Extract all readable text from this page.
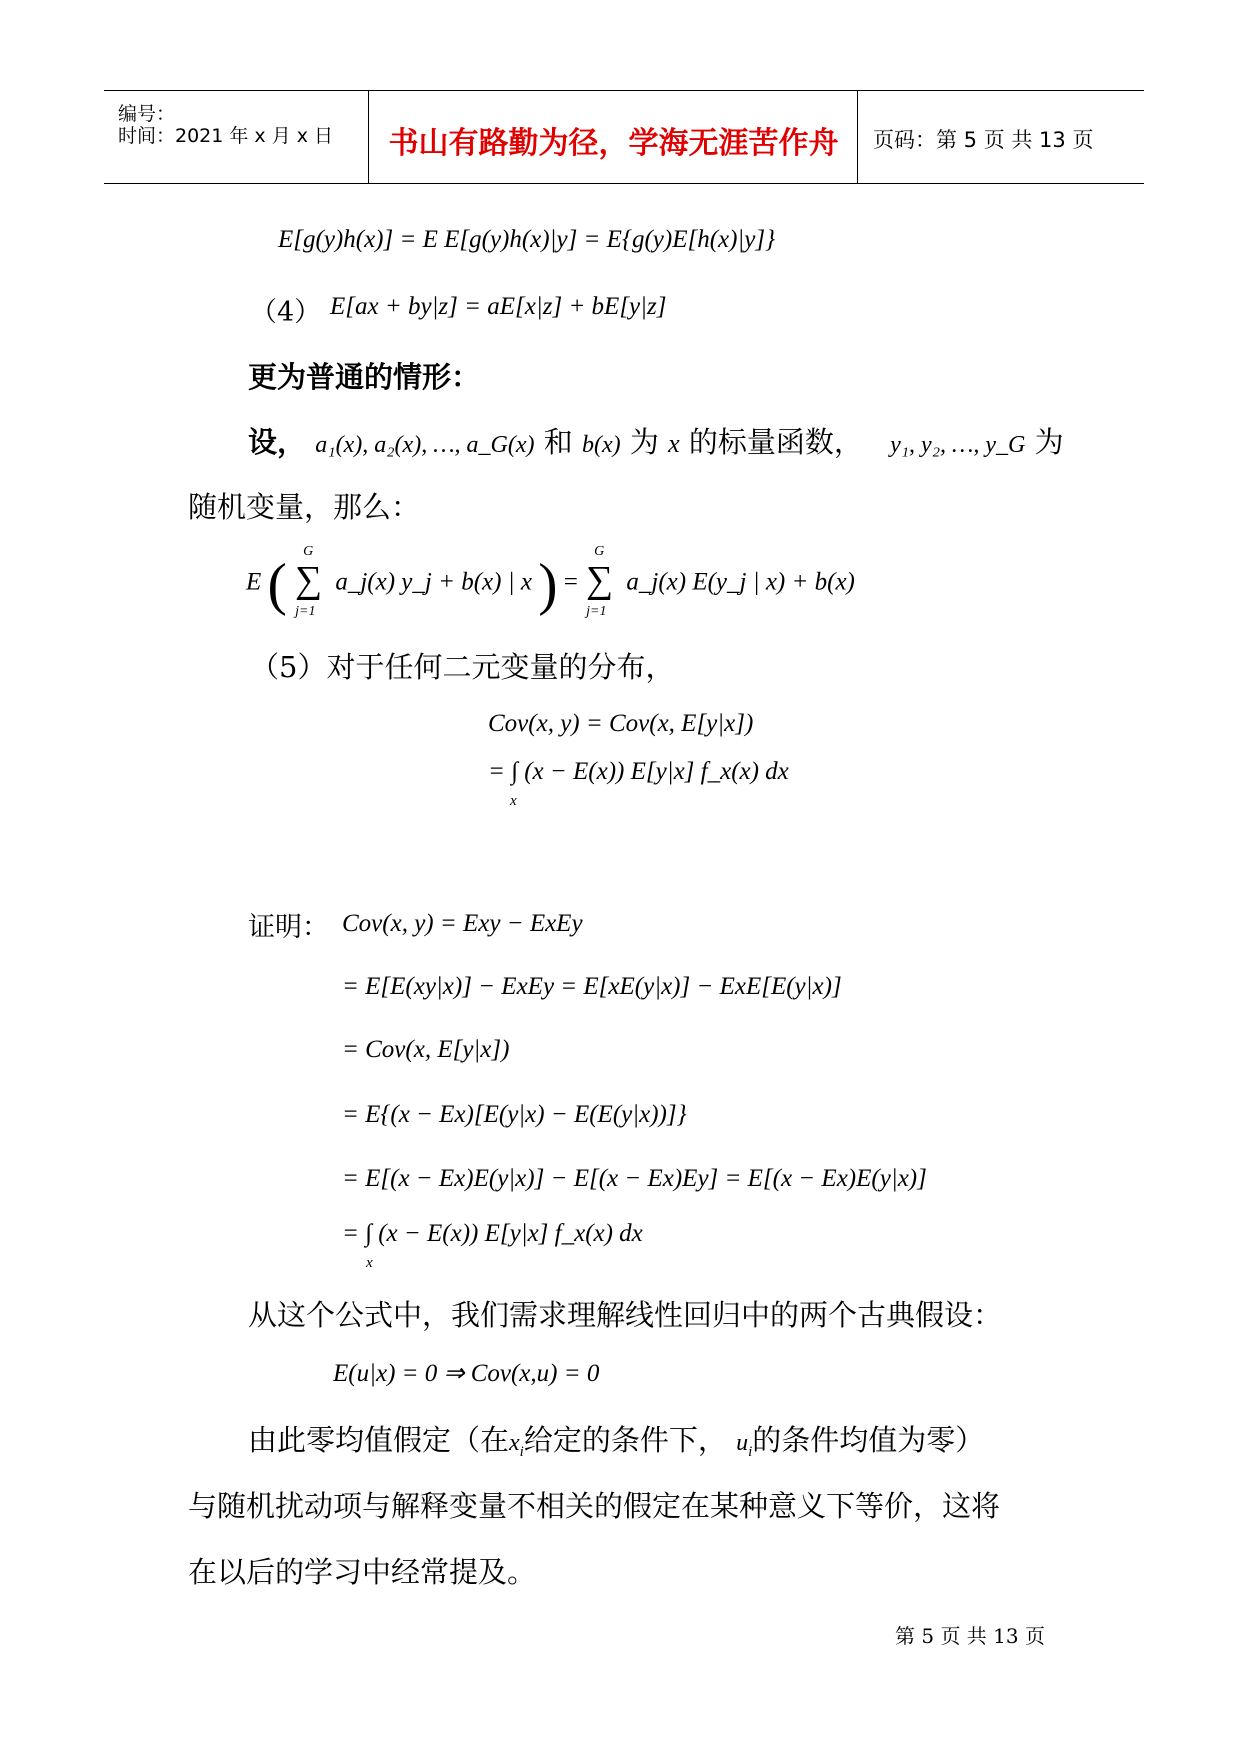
编号：
时间：2021 年 x 月 x 日	书山有路勤为径，学海无涯苦作舟	页码：第 5 页 共 13 页
E[g(y)h(x)] = E E[g(y)h(x)|y] = E{g(y)E[h(x)|y]}
（4） E[ax + by|z] = aE[x|z] + bE[y|z]
更为普通的情形：
设， a₁(x), a₂(x), …, a_G(x) 和 b(x) 为 x 的标量函数， y₁, y₂, …, y_G 为
随机变量，那么：
E ( G
∑
j=1
a_j(x) y_j + b(x) | x ) =
G
∑
j=1
a_j(x) E(y_j | x) + b(x)
（5）对于任何二元变量的分布，
Cov(x, y) = Cov(x, E[y|x])
= ∫ (x − E(x)) E[y|x] f_x(x) dx
x
证明： Cov(x, y) = Exy − ExEy
= E[E(xy|x)] − ExEy = E[xE(y|x)] − ExE[E(y|x)]
= Cov(x, E[y|x])
= E{(x − Ex)[E(y|x) − E(E(y|x))]}
= E[(x − Ex)E(y|x)] − E[(x − Ex)Ey] = E[(x − Ex)E(y|x)]
= ∫ (x − E(x)) E[y|x] f_x(x) dx
x
从这个公式中，我们需求理解线性回归中的两个古典假设：
E(u|x) = 0 ⇒ Cov(x,u) = 0
由此零均值假定（在$x_i$给定的条件下， $u_i$的条件均值为零）
与随机扰动项与解释变量不相关的假定在某种意义下等价，这将
在以后的学习中经常提及。
第 5 页 共 13 页
